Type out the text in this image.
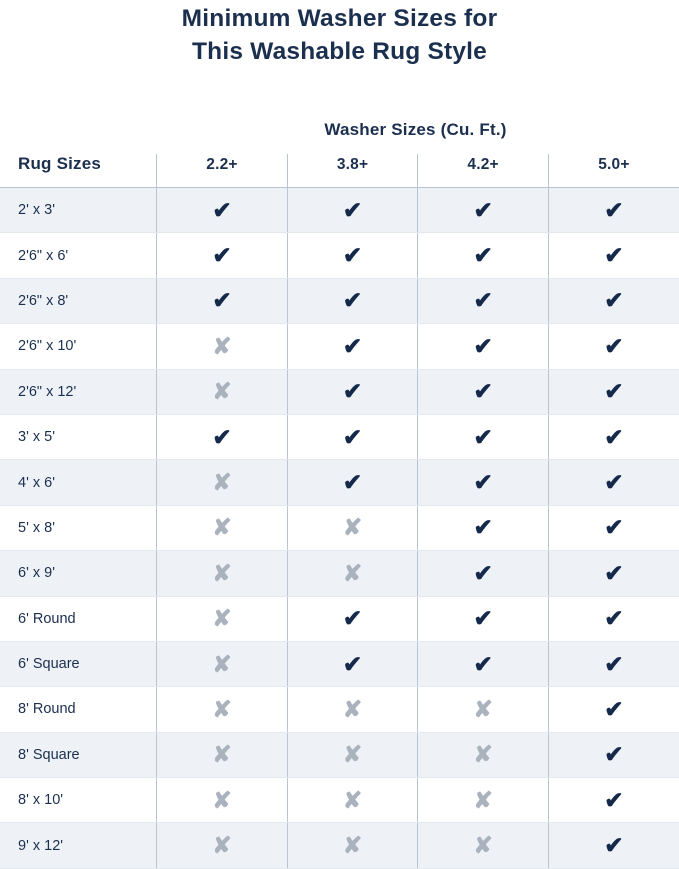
Minimum Washer Sizes for
This Washable Rug Style
Washer Sizes (Cu. Ft.)
Rug Sizes	2.2+	3.8+	4.2+	5.0+
2' x 3'	✔	✔	✔	✔
2'6" x 6'	✔	✔	✔	✔
2'6" x 8'	✔	✔	✔	✔
2'6" x 10'	✘	✔	✔	✔
2'6" x 12'	✘	✔	✔	✔
3' x 5'	✔	✔	✔	✔
4' x 6'	✘	✔	✔	✔
5' x 8'	✘	✘	✔	✔
6' x 9'	✘	✘	✔	✔
6' Round	✘	✔	✔	✔
6' Square	✘	✔	✔	✔
8' Round	✘	✘	✘	✔
8' Square	✘	✘	✘	✔
8' x 10'	✘	✘	✘	✔
9' x 12'	✘	✘	✘	✔
